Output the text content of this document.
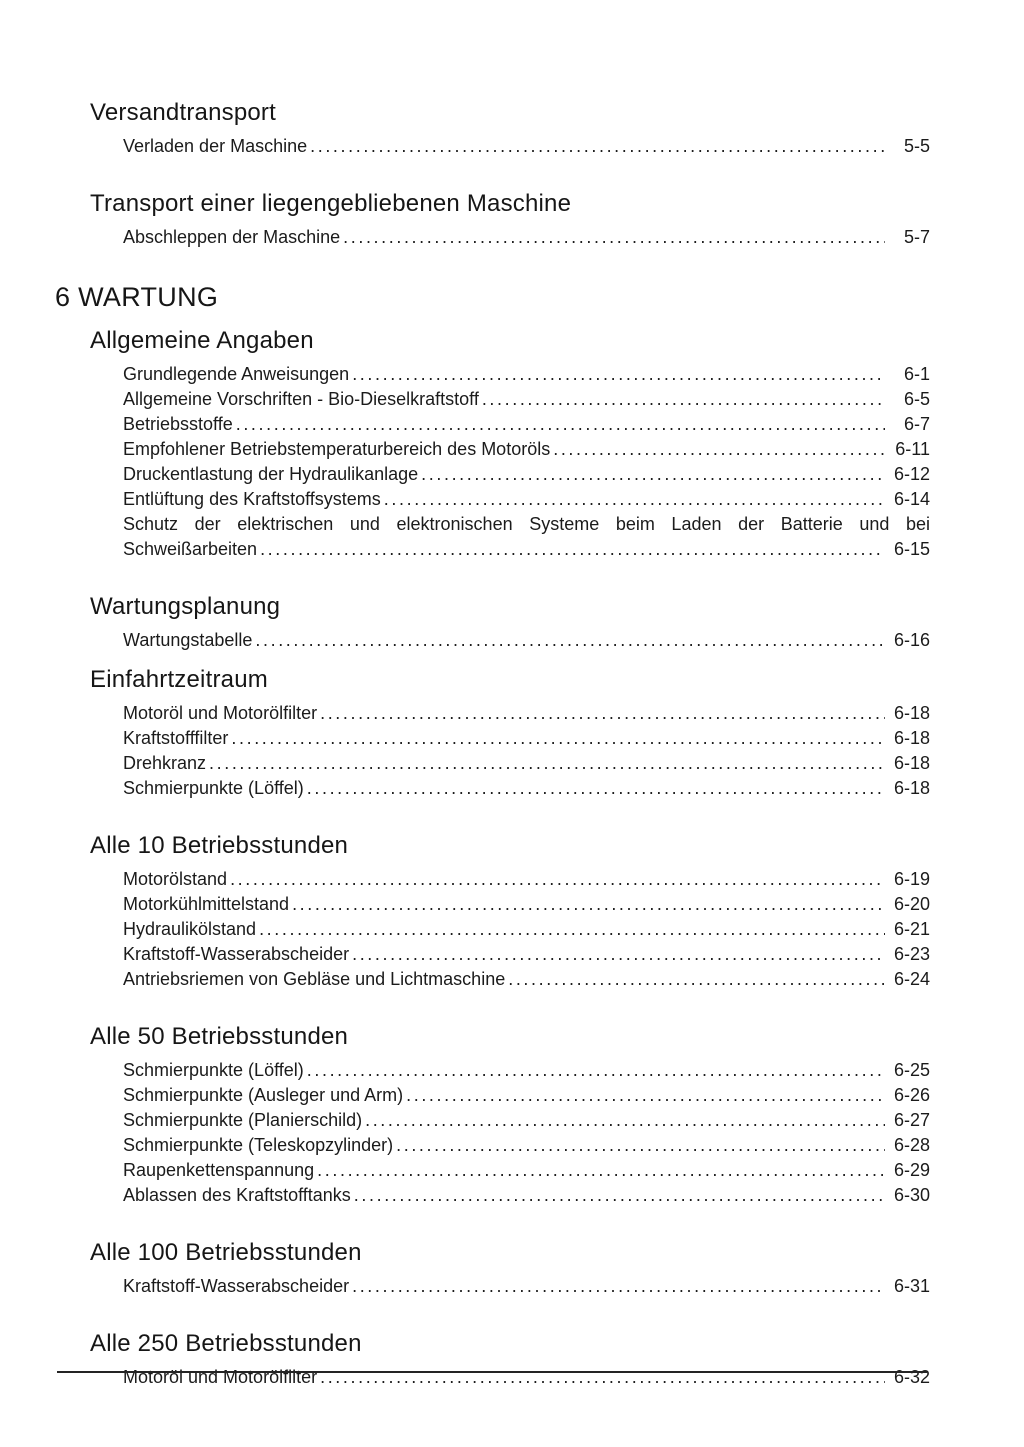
Versandtransport
Verladen der Maschine .....	5-5
Transport einer liegengebliebenen Maschine
Abschleppen der Maschine .....	5-7
6 WARTUNG
Allgemeine Angaben
Grundlegende Anweisungen .....	6-1
Allgemeine Vorschriften - Bio-Dieselkraftstoff .....	6-5
Betriebsstoffe .....	6-7
Empfohlener Betriebstemperaturbereich des Motoröls .....	6-11
Druckentlastung der Hydraulikanlage .....	6-12
Entlüftung des Kraftstoffsystems .....	6-14
Schutz der elektrischen und elektronischen Systeme beim Laden der Batterie und bei
Schweißarbeiten .....	6-15
Wartungsplanung
Wartungstabelle .....	6-16
Einfahrtzeitraum
Motoröl und Motorölfilter .....	6-18
Kraftstofffilter .....	6-18
Drehkranz .....	6-18
Schmierpunkte (Löffel) .....	6-18
Alle 10 Betriebsstunden
Motorölstand .....	6-19
Motorkühlmittelstand .....	6-20
Hydraulikölstand .....	6-21
Kraftstoff-Wasserabscheider .....	6-23
Antriebsriemen von Gebläse und Lichtmaschine .....	6-24
Alle 50 Betriebsstunden
Schmierpunkte (Löffel) .....	6-25
Schmierpunkte (Ausleger und Arm) .....	6-26
Schmierpunkte (Planierschild) .....	6-27
Schmierpunkte (Teleskopzylinder) .....	6-28
Raupenkettenspannung .....	6-29
Ablassen des Kraftstofftanks .....	6-30
Alle 100 Betriebsstunden
Kraftstoff-Wasserabscheider .....	6-31
Alle 250 Betriebsstunden
Motoröl und Motorölfilter .....	6-32
